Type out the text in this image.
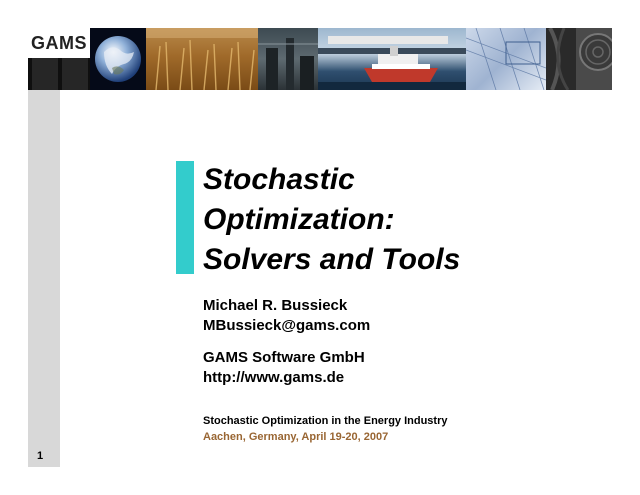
GAMS
1
Stochastic
Optimization:
Solvers and Tools

Michael R. Bussieck

MBussieck@gams.com

GAMS Software GmbH

http://www.gams.de

Stochastic Optimization in the Energy Industry

Aachen, Germany, April 19-20, 2007
